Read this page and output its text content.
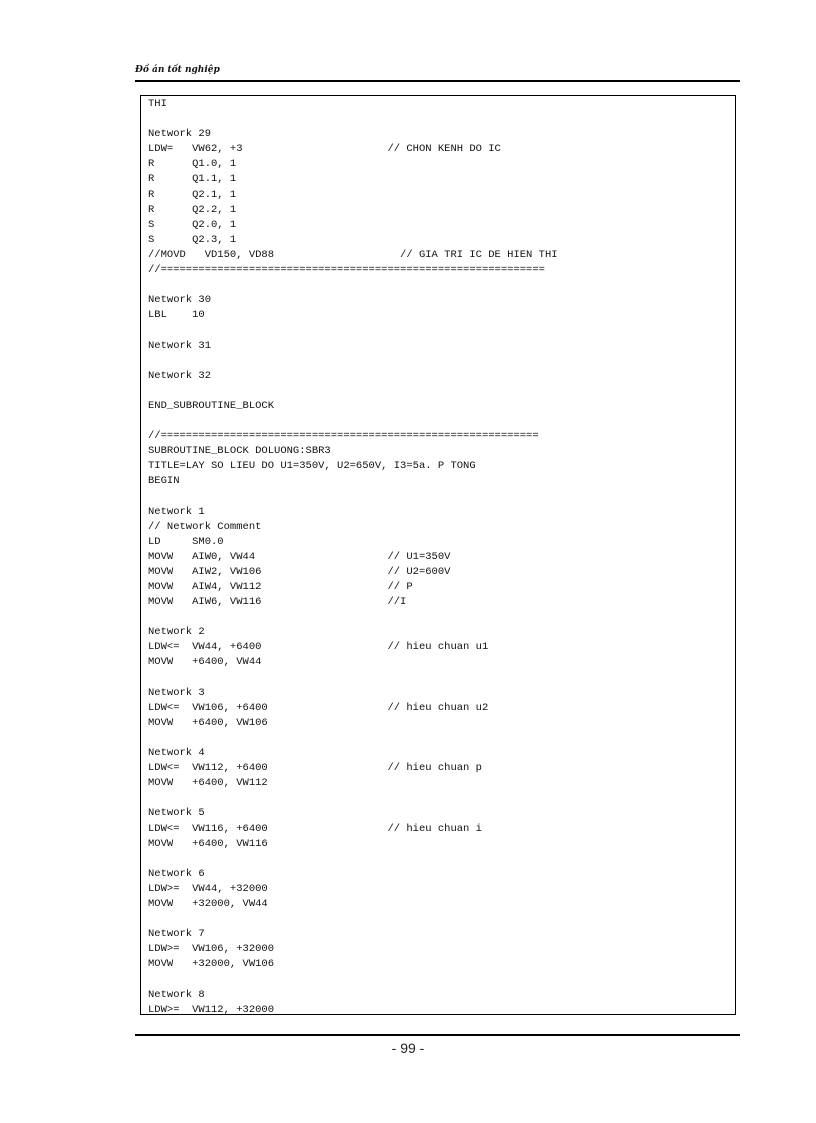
Đồ án tốt nghiệp
THI

Network 29
LDW=   VW62, +3                       // CHON KENH DO IC
R      Q1.0, 1
R      Q1.1, 1
R      Q2.1, 1
R      Q2.2, 1
S      Q2.0, 1
S      Q2.3, 1
//MOVD   VD150, VD88                    // GIA TRI IC DE HIEN THI
//=============================================================

Network 30
LBL    10

Network 31

Network 32

END_SUBROUTINE_BLOCK

//============================================================
SUBROUTINE_BLOCK DOLUONG:SBR3
TITLE=LAY SO LIEU DO U1=350V, U2=650V, I3=5a. P TONG
BEGIN

Network 1
// Network Comment
LD     SM0.0
MOVW   AIW0, VW44                     // U1=350V
MOVW   AIW2, VW106                    // U2=600V
MOVW   AIW4, VW112                    // P
MOVW   AIW6, VW116                    //I

Network 2
LDW<=  VW44, +6400                    // hieu chuan u1
MOVW   +6400, VW44

Network 3
LDW<=  VW106, +6400                   // hieu chuan u2
MOVW   +6400, VW106

Network 4
LDW<=  VW112, +6400                   // hieu chuan p
MOVW   +6400, VW112

Network 5
LDW<=  VW116, +6400                   // hieu chuan i
MOVW   +6400, VW116

Network 6
LDW>=  VW44, +32000
MOVW   +32000, VW44

Network 7
LDW>=  VW106, +32000
MOVW   +32000, VW106

Network 8
LDW>=  VW112, +32000

- 99 -
